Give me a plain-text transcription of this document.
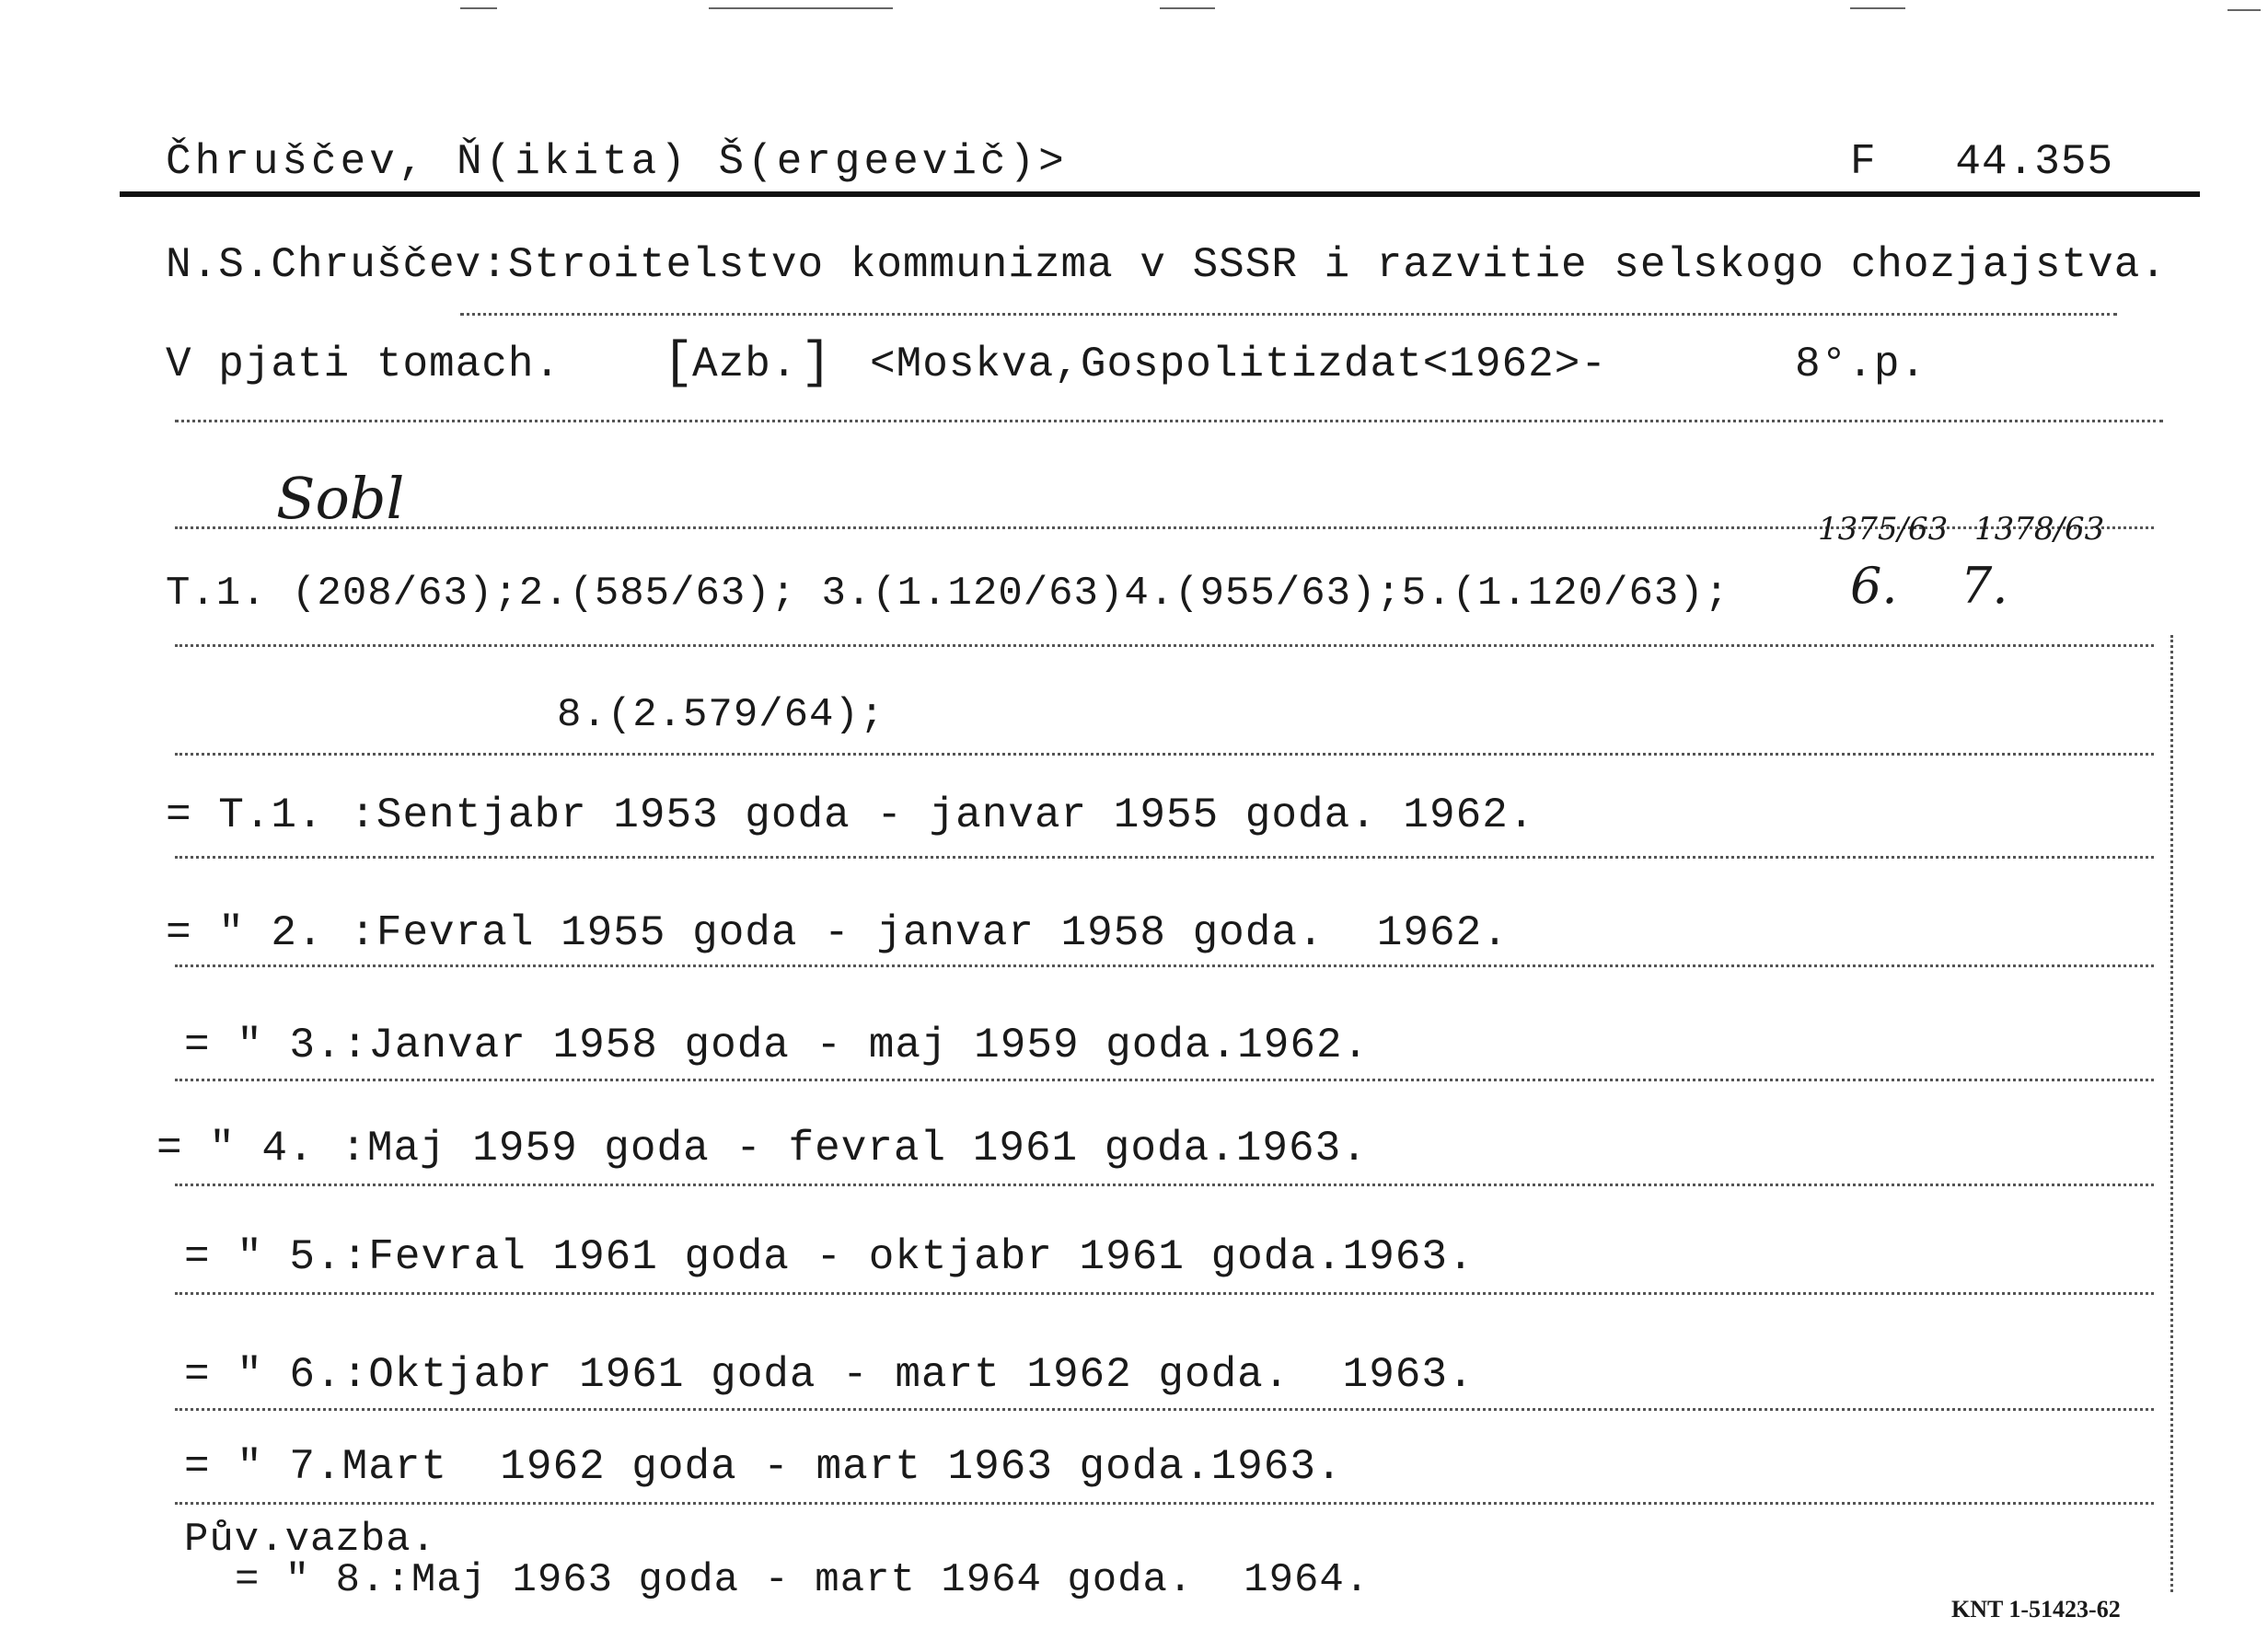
Čhruščev, Ň(ikita) Š(ergeevič)>	F   44.355
N.S.Chruščev:Stroitelstvo kommunizma v SSSR i razvitie selskogo chozjajstva.
V pjati tomach. [
Azb. ] <Moskva,Gospolitizdat<1962>-	8°.p.
Sobl	1375/63 1378/63
T.1. (208/63);2.(585/63); 3.(1.120/63)4.(955/63);5.(1.120/63); 6. 7.
8.(2.579/64);
= T.1. :Sentjabr 1953 goda - janvar 1955 goda. 1962.
= " 2. :Fevral 1955 goda - janvar 1958 goda.  1962.
= " 3.:Janvar 1958 goda - maj 1959 goda.1962.
= " 4. :Maj 1959 goda - fevral 1961 goda.1963.
= " 5.:Fevral 1961 goda - oktjabr 1961 goda.1963.
= " 6.:Oktjabr 1961 goda - mart 1962 goda.  1963.
= " 7.Mart  1962 goda - mart 1963 goda.1963.
Pův.vazba.
= " 8.:Maj 1963 goda - mart 1964 goda.  1964.
KNT 1-51423-62
